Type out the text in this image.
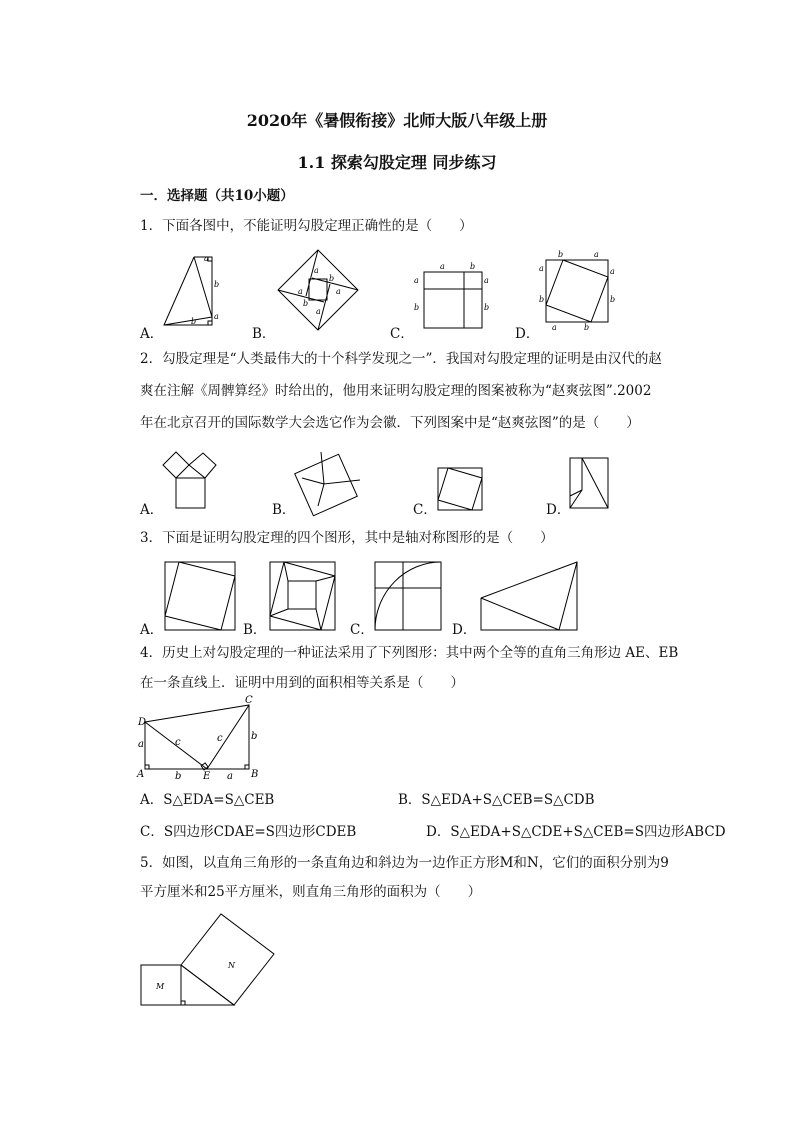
2020年《暑假衔接》北师大版八年级上册
1.1 探索勾股定理 同步练习
一．选择题（共10小题）
1．下面各图中，不能证明勾股定理正确性的是（　　）
A．	B．	C．	D．
a
b
a
b
a
a	a
a
b
b
a	b
a
b
a
b
b	a
a
b
a
b
a	b
2．勾股定理是“人类最伟大的十个科学发现之一”．我国对勾股定理的证明是由汉代的赵
爽在注解《周髀算经》时给出的，他用来证明勾股定理的图案被称为“赵爽弦图”.2002
年在北京召开的国际数学大会选它作为会徽．下列图案中是“赵爽弦图”的是（　　）
A．	B．	C．	D．
3．下面是证明勾股定理的四个图形，其中是轴对称图形的是（　　）
A．	B．	C．	D．
4．历史上对勾股定理的一种证法采用了下列图形：其中两个全等的直角三角形边 AE、EB
在一条直线上．证明中用到的面积相等关系是（　　）
D
C
A	E	B
a
b
c	c	b
a
A．S△EDA=S△CEB	B．S△EDA+S△CEB=S△CDB
C．S四边形CDAE=S四边形CDEB	D．S△EDA+S△CDE+S△CEB=S四边形ABCD
5．如图，以直角三角形的一条直角边和斜边为一边作正方形M和N，它们的面积分别为9
平方厘米和25平方厘米，则直角三角形的面积为（　　）
M
N
